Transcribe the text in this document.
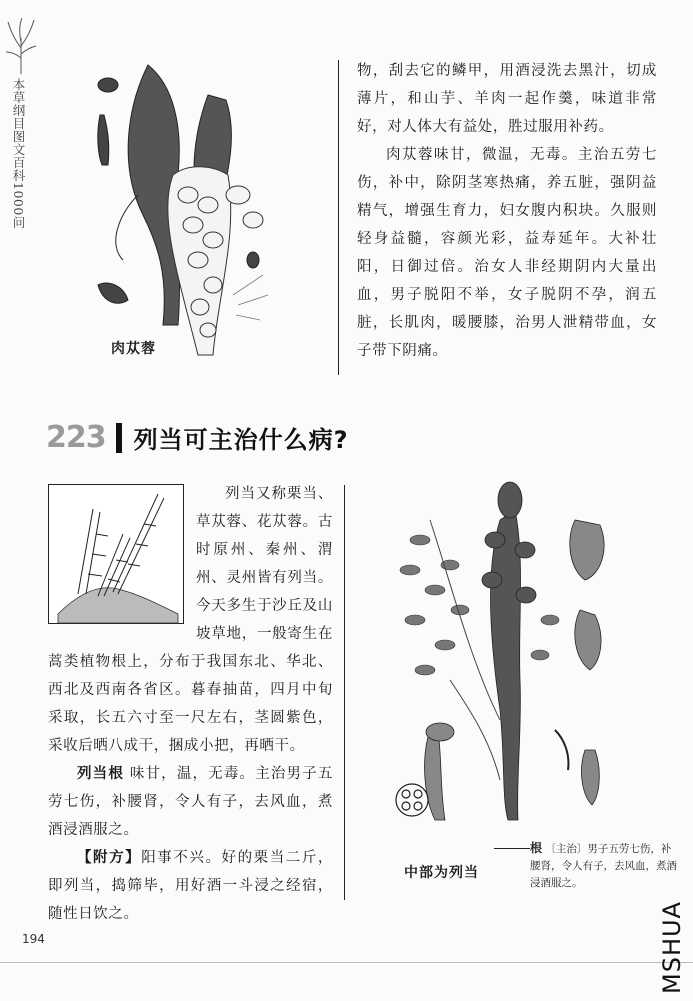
本草纲目图文百科1000问
肉苁蓉

物，刮去它的鳞甲，用酒浸洗去黑汁，切成薄片，和山芋、羊肉一起作羹，味道非常好，对人体大有益处，胜过服用补药。

肉苁蓉味甘，微温，无毒。主治五劳七伤，补中，除阴茎寒热痛，养五脏，强阴益精气，增强生育力，妇女腹内积块。久服则轻身益髓，容颜光彩，益寿延年。大补壮阳，日御过倍。治女人非经期阴内大量出血，男子脱阳不举，女子脱阴不孕，润五脏，长肌肉，暖腰膝，治男人泄精带血，女子带下阴痛。

223 列当可主治什么病?

列当又称栗当、草苁蓉、花苁蓉。古时原州、秦州、渭州、灵州皆有列当。今天多生于沙丘及山坡草地，一般寄生在蒿类植物根上，分布于我国东北、华北、西北及西南各省区。暮春抽苗，四月中旬采取，长五六寸至一尺左右，茎圆紫色，采收后晒八成干，捆成小把，再晒干。

列当根 味甘，温，无毒。主治男子五劳七伤，补腰肾，令人有子，去风血，煮酒浸酒服之。

【附方】阳事不兴。好的栗当二斤，即列当，捣筛毕，用好酒一斗浸之经宿，随性日饮之。

中部为列当
根 〔主治〕男子五劳七伤，补腰肾，令人有子，去风血，煮酒浸酒服之。
194	MSHUA
